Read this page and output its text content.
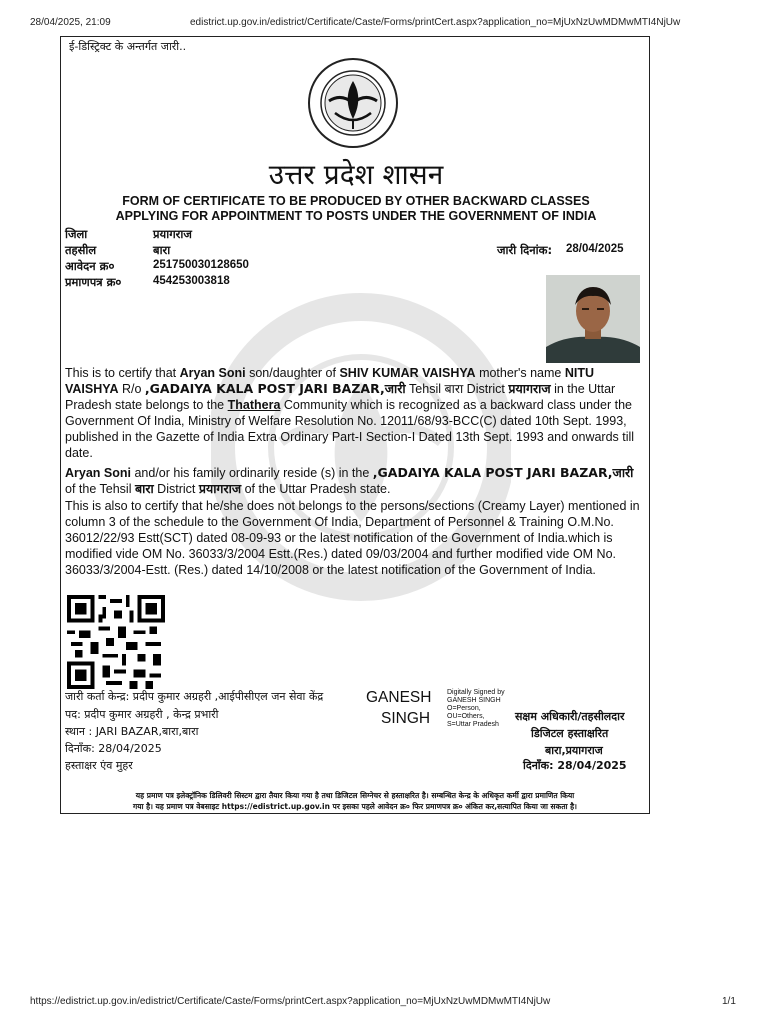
28/04/2025, 21:09	edistrict.up.gov.in/edistrict/Certificate/Caste/Forms/printCert.aspx?application_no=MjUxNzUwMDMwMTI4NjUw
ई-डिस्ट्रिक्ट के अन्तर्गत जारी..
उत्तर प्रदेश शासन
FORM OF CERTIFICATE TO BE PRODUCED BY OTHER BACKWARD CLASSES
APPLYING FOR APPOINTMENT TO POSTS UNDER THE GOVERNMENT OF INDIA
जिला	प्रयागराज
तहसील	बारा
आवेदन क्र०	251750030128650
प्रमाणपत्र क्र०	454253003818
जारी दिनांक: 28/04/2025
This is to certify that Aryan Soni son/daughter of SHIV KUMAR VAISHYA mother's name NITU VAISHYA R/o ,GADAIYA KALA POST JARI BAZAR,जारी Tehsil बारा District प्रयागराज in the Uttar Pradesh state belongs to the Thathera Community which is recognized as a backward class under the Government Of India, Ministry of Welfare Resolution No. 12011/68/93-BCC(C) dated 10th Sept. 1993, published in the Gazette of India Extra Ordinary Part-I Section-I Dated 13th Sept. 1993 and onwards till date.
Aryan Soni and/or his family ordinarily reside (s) in the ,GADAIYA KALA POST JARI BAZAR,जारी of the Tehsil बारा District प्रयागराज of the Uttar Pradesh state.
This is also to certify that he/she does not belongs to the persons/sections (Creamy Layer) mentioned in column 3 of the schedule to the Government Of India, Department of Personnel & Training O.M.No. 36012/22/93 Estt(SCT) dated 08-09-93 or the latest notification of the Government of India.which is modified vide OM No. 36033/3/2004 Estt.(Res.) dated 09/03/2004 and further modified vide OM No. 36033/3/2004-Estt. (Res.) dated 14/10/2008 or the latest notification of the Government of India.
जारी कर्ता केन्द्र: प्रदीप कुमार अग्रहरी ,आईपीसीएल जन सेवा केंद्र
पद: प्रदीप कुमार अग्रहरी , केन्द्र प्रभारी
स्थान : JARI BAZAR,बारा,बारा
दिनाँक: 28/04/2025
हस्ताक्षर एंव मुहर
GANESH
SINGH
Digitally Signed by
GANESH SINGH
O=Person,
OU=Others,
S=Uttar Pradesh
सक्षम अधिकारी/तहसीलदार
डिजिटल हस्ताक्षरित
बारा,प्रयागराज
दिनाँक: 28/04/2025
यह प्रमाण पत्र इलेक्ट्रॉनिक डिलिवरी सिस्टम द्वारा तैयार किया गया है तथा डिजिटल सिग्नेचर से हस्ताक्षरित है। सम्बन्धित केन्द्र के अधिकृत कर्मी द्वारा प्रमाणित किया
गया है। यह प्रमाण पत्र वेबसाइट https://edistrict.up.gov.in पर इसका पहले आवेदन क्र० फिर प्रमाणपत्र क्र० अंकित कर,सत्यापित किया जा सकता है।
https://edistrict.up.gov.in/edistrict/Certificate/Caste/Forms/printCert.aspx?application_no=MjUxNzUwMDMwMTI4NjUw	1/1
